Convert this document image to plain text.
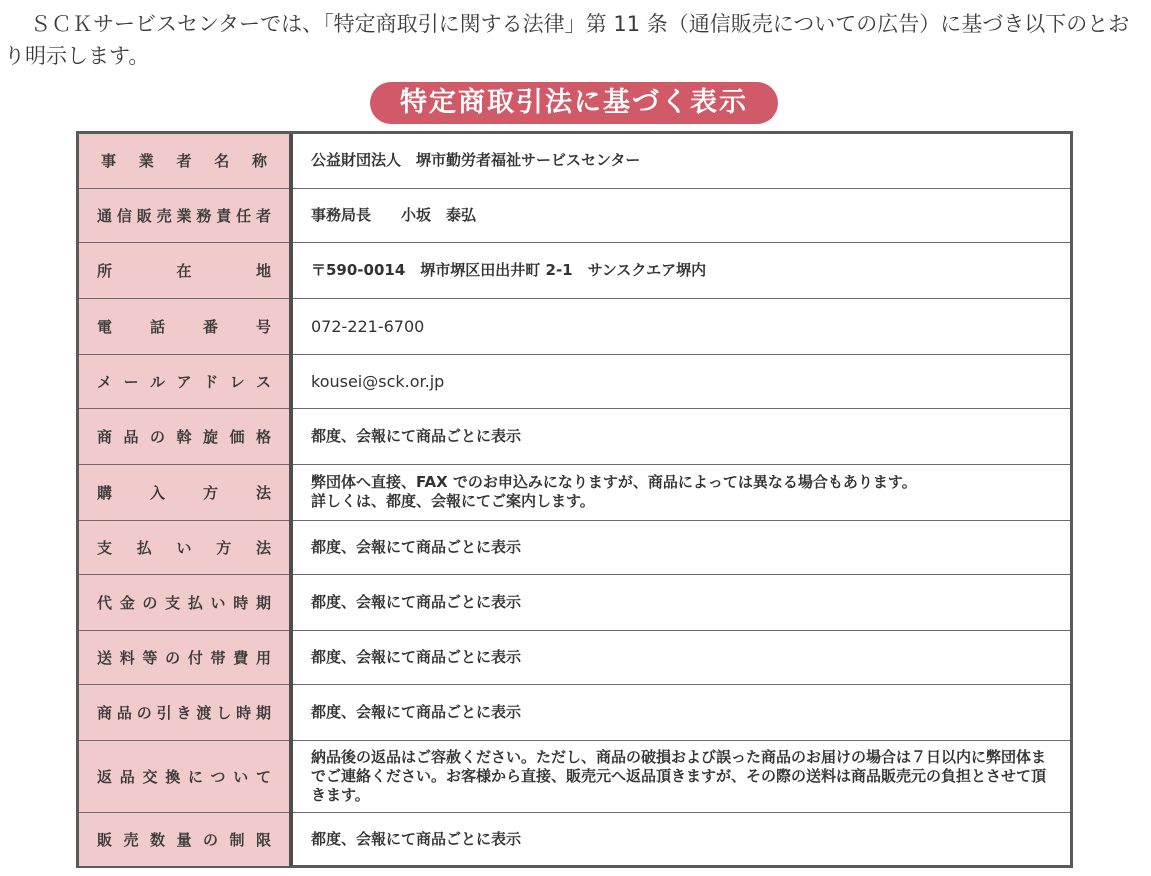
ＳＣＫサービスセンターでは、「特定商取引に関する法律」第 11 条（通信販売についての広告）に基づき以下のとおり明示します。

特定商取引法に基づく表示
事業者名称	公益財団法人　堺市勤労者福祉サービスセンター

通信販売業務責任者	事務局長　　小坂　泰弘

所在地	〒590-0014　堺市堺区田出井町 2-1　サンスクエア堺内

電話番号	072-221-6700

メールアドレス	kousei@sck.or.jp

商品の斡旋価格	都度、会報にて商品ごとに表示

購入方法	弊団体へ直接、FAX でのお申込みになりますが、商品によっては異なる場合もあります。
詳しくは、都度、会報にてご案内します。

支払い方法	都度、会報にて商品ごとに表示

代金の支払い時期	都度、会報にて商品ごとに表示

送料等の付帯費用	都度、会報にて商品ごとに表示

商品の引き渡し時期	都度、会報にて商品ごとに表示

返品交換について	納品後の返品はご容赦ください。ただし、商品の破損および誤った商品のお届けの場合は７日以内に弊団体までご連絡ください。お客様から直接、販売元へ返品頂きますが、その際の送料は商品販売元の負担とさせて頂きます。

販売数量の制限	都度、会報にて商品ごとに表示
